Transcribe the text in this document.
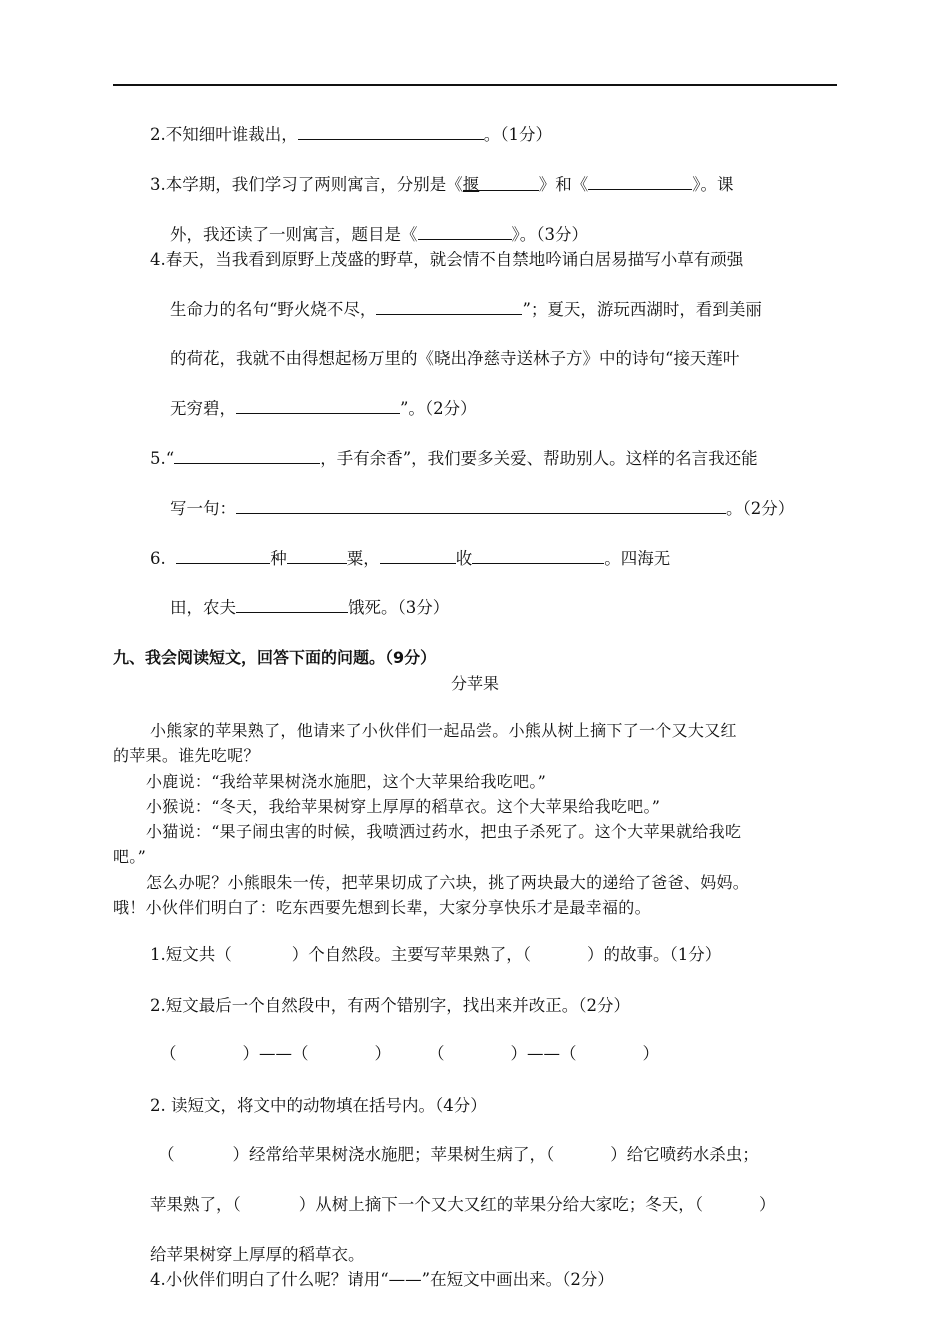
2.不知细叶谁裁出，	。（1分）
3.本学期，我们学习了两则寓言，分别是《揠	》和《	》。课
外，我还读了一则寓言，题目是《	》。（3分）
4.春天，当我看到原野上茂盛的野草，就会情不自禁地吟诵白居易描写小草有顽强
生命力的名句“野火烧不尽，	”；夏天，游玩西湖时，看到美丽
的荷花，我就不由得想起杨万里的《晓出净慈寺送林子方》中的诗句“接天莲叶
无穷碧，	”。（2分）
5.“	，手有余香”，我们要多关爱、帮助别人。这样的名言我还能
写一句：	。（2分）
6.	种	粟，	收	。四海无
田，农夫	饿死。（3分）
九、我会阅读短文，回答下面的问题。（9分）
分苹果
小熊家的苹果熟了，他请来了小伙伴们一起品尝。小熊从树上摘下了一个又大又红
的苹果。谁先吃呢？
小鹿说：“我给苹果树浇水施肥，这个大苹果给我吃吧。”
小猴说：“冬天，我给苹果树穿上厚厚的稻草衣。这个大苹果给我吃吧。”
小猫说：“果子闹虫害的时候，我喷洒过药水，把虫子杀死了。这个大苹果就给我吃
吧。”
怎么办呢？小熊眼朱一传，把苹果切成了六块，挑了两块最大的递给了爸爸、妈妈。
哦！小伙伴们明白了：吃东西要先想到长辈，大家分享快乐才是最幸福的。
1.短文共（	）个自然段。主要写苹果熟了，（	）的故事。（1分）
2.短文最后一个自然段中，有两个错别字，找出来并改正。（2分）
（　　　　）——（　　　　） （　　　　）——（　　　　）
2. 读短文，将文中的动物填在括号内。（4分）
（	）经常给苹果树浇水施肥；苹果树生病了，（	）给它喷药水杀虫；
苹果熟了，（	）从树上摘下一个又大又红的苹果分给大家吃；冬天，（	）
给苹果树穿上厚厚的稻草衣。
4.小伙伴们明白了什么呢？请用“——”在短文中画出来。（2分）
